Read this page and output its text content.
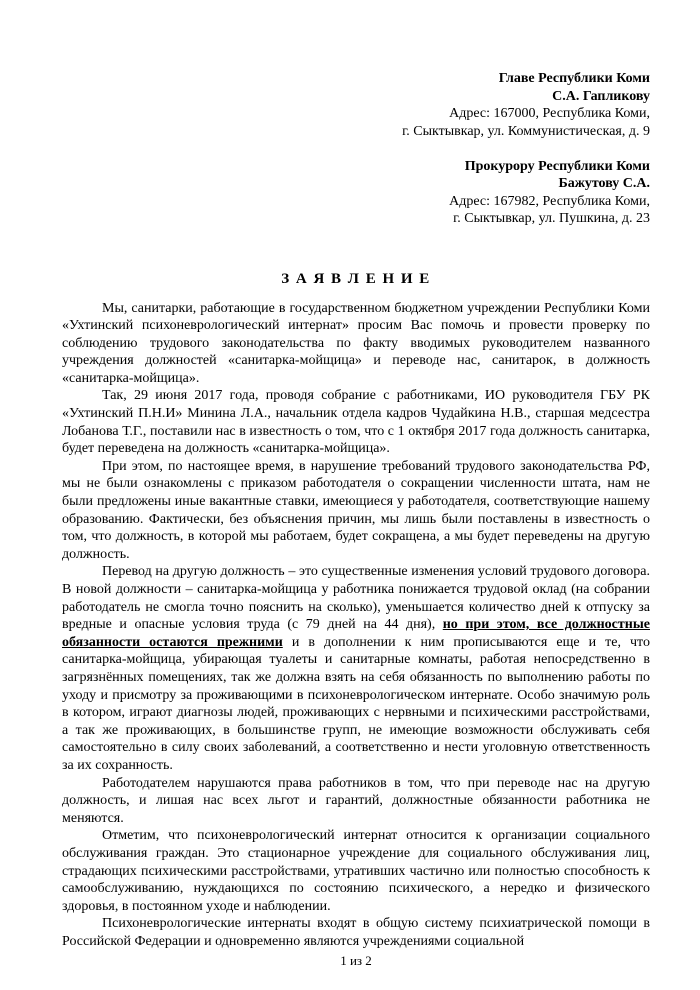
Главе Республики Коми
С.А. Гапликову
Адрес: 167000, Республика Коми,
г. Сыктывкар, ул. Коммунистическая, д. 9
Прокурору Республики Коми
Бажутову С.А.
Адрес: 167982, Республика Коми,
г. Сыктывкар, ул. Пушкина, д. 23
З А Я В Л Е Н И Е

Мы, санитарки, работающие в государственном бюджетном учреждении Республики Коми «Ухтинский психоневрологический интернат» просим Вас помочь и провести проверку по соблюдению трудового законодательства по факту вводимых руководителем названного учреждения должностей «санитарка-мойщица» и переводе нас, санитарок, в должность «санитарка-мойщица».

Так, 29 июня 2017 года, проводя собрание с работниками, ИО руководителя ГБУ РК «Ухтинский П.Н.И» Минина Л.А., начальник отдела кадров Чудайкина Н.В., старшая медсестра Лобанова Т.Г., поставили нас в известность о том, что с 1 октября 2017 года должность санитарка, будет переведена на должность «санитарка-мойщица».

При этом, по настоящее время, в нарушение требований трудового законодательства РФ, мы не были ознакомлены с приказом работодателя о сокращении численности штата, нам не были предложены иные вакантные ставки, имеющиеся у работодателя, соответствующие нашему образованию. Фактически, без объяснения причин, мы лишь были поставлены в известность о том, что должность, в которой мы работаем, будет сокращена, а мы будет переведены на другую должность.

Перевод на другую должность – это существенные изменения условий трудового договора. В новой должности – санитарка-мойщица у работника понижается трудовой оклад (на собрании работодатель не смогла точно пояснить на сколько), уменьшается количество дней к отпуску за вредные и опасные условия труда (с 79 дней на 44 дня), но при этом, все должностные обязанности остаются прежними и в дополнении к ним прописываются еще и те, что санитарка-мойщица, убирающая туалеты и санитарные комнаты, работая непосредственно в загрязнённых помещениях, так же должна взять на себя обязанность по выполнению работы по уходу и присмотру за проживающими в психоневрологическом интернате. Особо значимую роль в котором, играют диагнозы людей, проживающих с нервными и психическими расстройствами, а так же проживающих, в большинстве групп, не имеющие возможности обслуживать себя самостоятельно в силу своих заболеваний, а соответственно и нести уголовную ответственность за их сохранность.

Работодателем нарушаются права работников в том, что при переводе нас на другую должность, и лишая нас всех льгот и гарантий, должностные обязанности работника не меняются.

Отметим, что психоневрологический интернат относится к организации социального обслуживания граждан. Это стационарное учреждение для социального обслуживания лиц, страдающих психическими расстройствами, утративших частично или полностью способность к самообслуживанию, нуждающихся по состоянию психического, а нередко и физического здоровья, в постоянном уходе и наблюдении.

Психоневрологические интернаты входят в общую систему психиатрической помощи в Российской Федерации и одновременно являются учреждениями социальной

1 из 2
